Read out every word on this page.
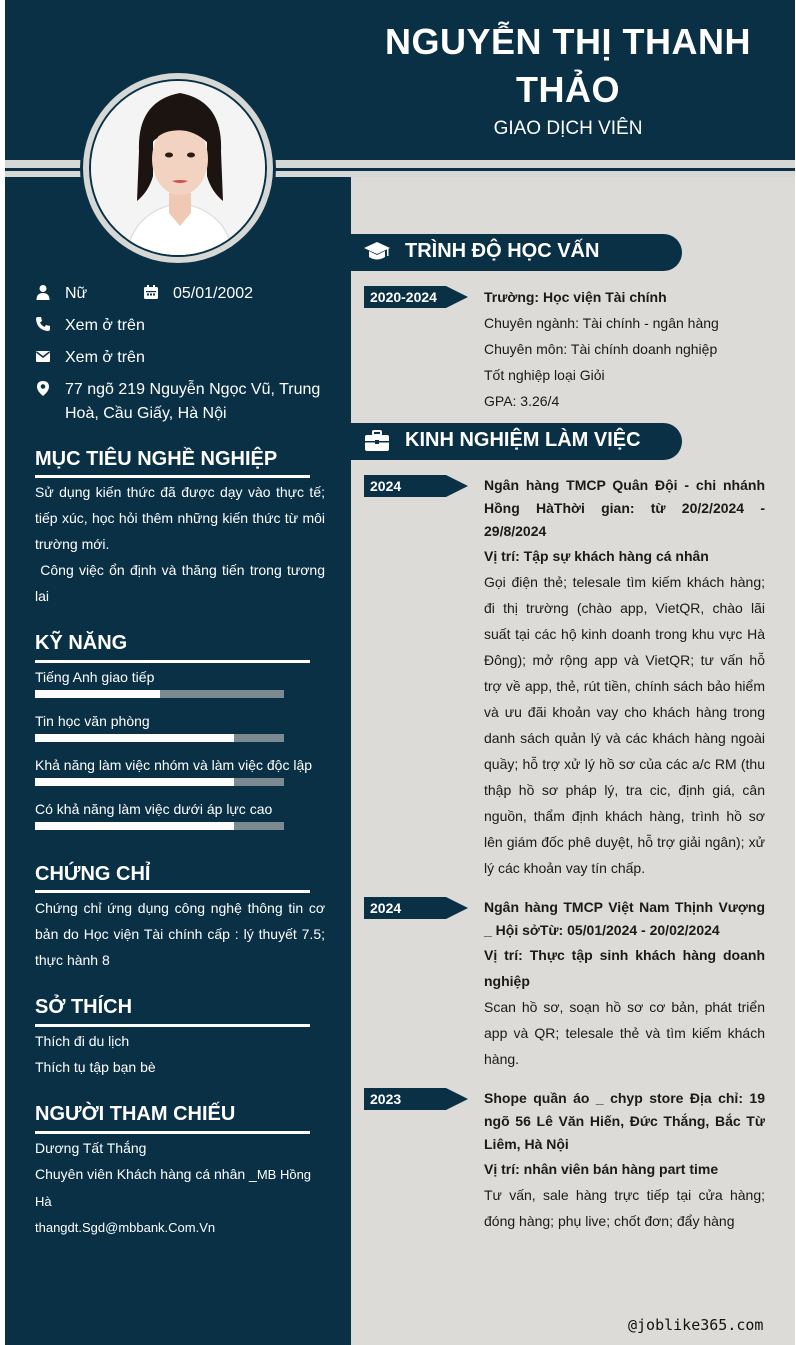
NGUYỄN THỊ THANH THẢO
GIAO DỊCH VIÊN
Nữ	05/01/2002
Xem ở trên
Xem ở trên
77 ngõ 219 Nguyễn Ngọc Vũ, Trung Hoà, Cầu Giấy, Hà Nội
MỤC TIÊU NGHỀ NGHIỆP
Sử dụng kiến thức đã được dạy vào thực tế; tiếp xúc, học hỏi thêm những kiến thức từ môi trường mới.
Công việc ổn định và thăng tiến trong tương lai
KỸ NĂNG
Tiếng Anh giao tiếp
Tin học văn phòng
Khả năng làm việc nhóm và làm việc độc lập
Có khả năng làm việc dưới áp lực cao
CHỨNG CHỈ
Chứng chỉ ứng dụng công nghệ thông tin cơ bản do Học viện Tài chính cấp : lý thuyết 7.5; thực hành 8
SỞ THÍCH
Thích đi du lịch
Thích tụ tập bạn bè
NGƯỜI THAM CHIẾU
Dương Tất Thắng
Chuyên viên Khách hàng cá nhân _MB Hồng Hà
thangdt.Sgd@mbbank.Com.Vn
TRÌNH ĐỘ HỌC VẤN
2020-2024	Trường: Học viện Tài chính
Chuyên ngành: Tài chính - ngân hàng
Chuyên môn: Tài chính doanh nghiệp
Tốt nghiệp loại Giỏi
GPA: 3.26/4
KINH NGHIỆM LÀM VIỆC
2024	Ngân hàng TMCP Quân Đội - chi nhánh Hồng HàThời gian: từ 20/2/2024 - 29/8/2024
Vị trí: Tập sự khách hàng cá nhân
Gọi điện thẻ; telesale tìm kiếm khách hàng; đi thị trường (chào app, VietQR, chào lãi suất tại các hộ kinh doanh trong khu vực Hà Đông); mở rộng app và VietQR; tư vấn hỗ trợ về app, thẻ, rút tiền, chính sách bảo hiểm và ưu đãi khoản vay cho khách hàng trong danh sách quản lý và các khách hàng ngoài quầy; hỗ trợ xử lý hồ sơ của các a/c RM (thu thập hồ sơ pháp lý, tra cic, định giá, cân nguồn, thẩm định khách hàng, trình hồ sơ lên giám đốc phê duyệt, hỗ trợ giải ngân); xử lý các khoản vay tín chấp.
2024	Ngân hàng TMCP Việt Nam Thịnh Vượng _ Hội sởTừ: 05/01/2024 - 20/02/2024
Vị trí: Thực tập sinh khách hàng doanh nghiệp
Scan hồ sơ, soạn hồ sơ cơ bản, phát triển app và QR; telesale thẻ và tìm kiếm khách hàng.
2023	Shope quần áo _ chyp store Địa chỉ: 19 ngõ 56 Lê Văn Hiến, Đức Thắng, Bắc Từ Liêm, Hà Nội
Vị trí: nhân viên bán hàng part time
Tư vấn, sale hàng trực tiếp tại cửa hàng; đóng hàng; phụ live; chốt đơn; đẩy hàng
@joblike365.com
